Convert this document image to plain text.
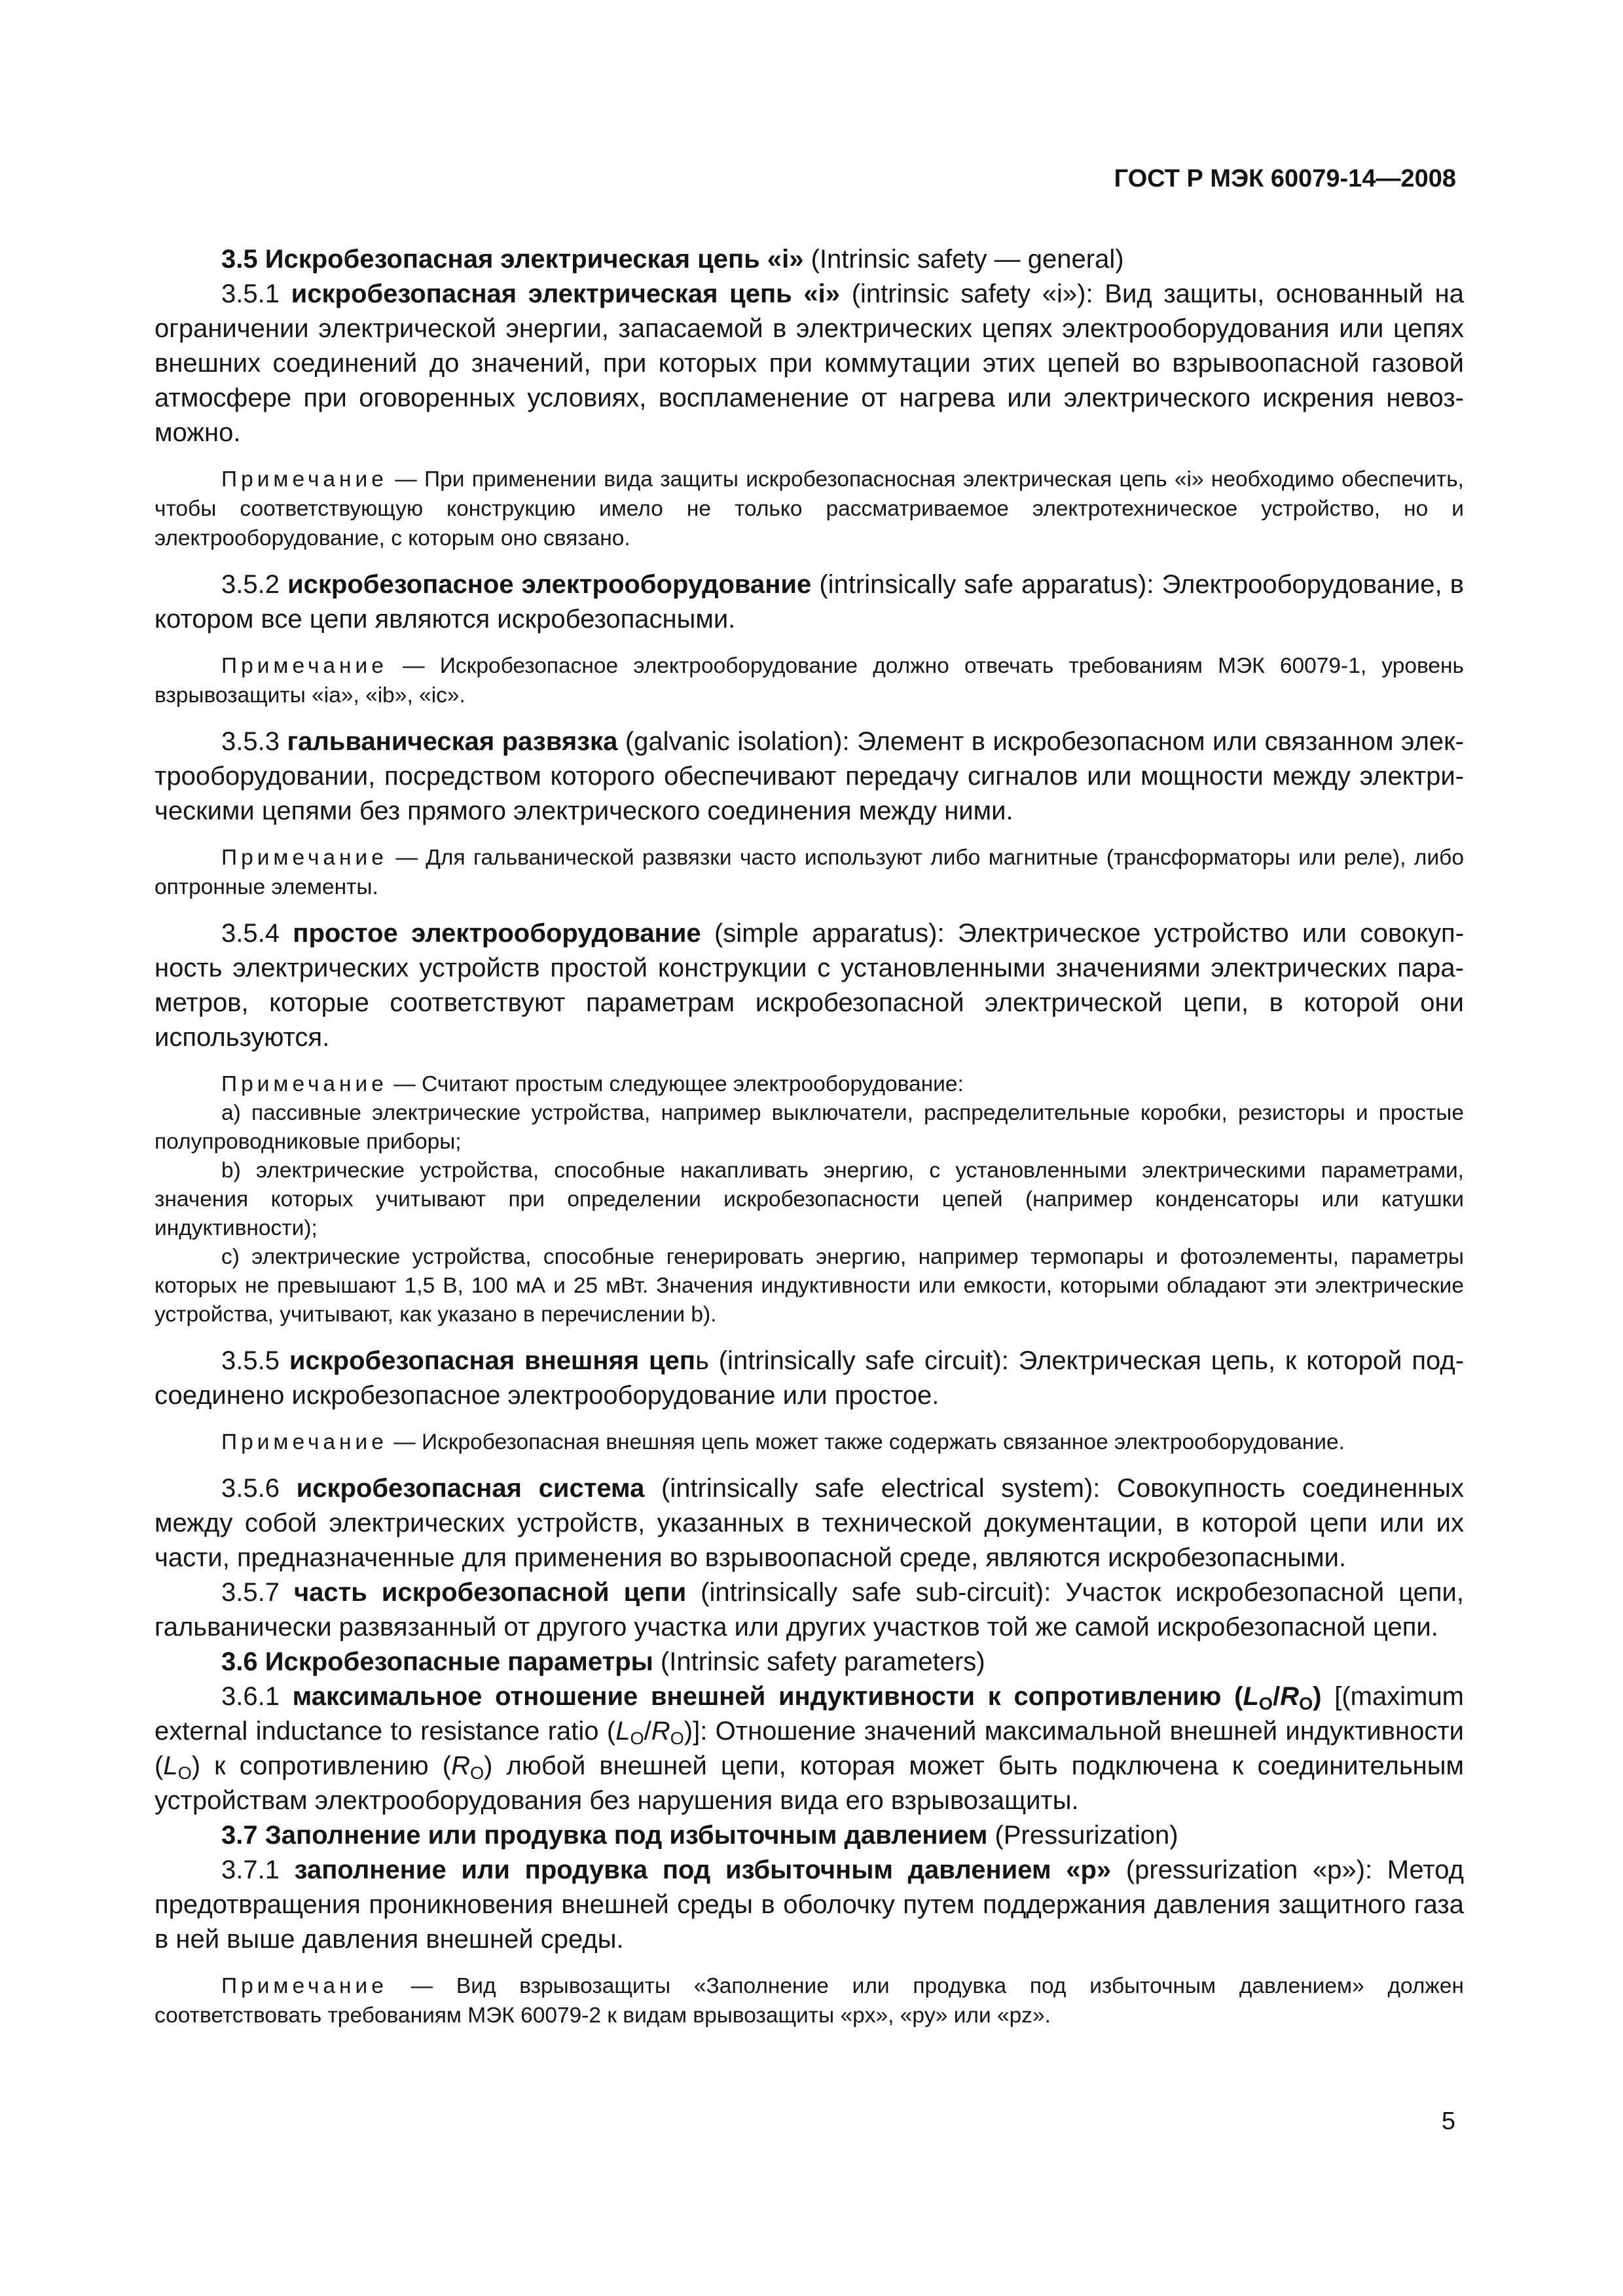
ГОСТ Р МЭК 60079-14—2008

3.5 Искробезопасная электрическая цепь «i» (Intrinsic safety — general)

3.5.1 искробезопасная электрическая цепь «i» (intrinsic safety «i»): Вид защиты, основанный на ограничении электрической энергии, запасаемой в электрических цепях электрооборудования или цепях внешних соединений до значений, при которых при коммутации этих цепей во взрывоопасной газовой атмосфере при оговоренных условиях, воспламенение от нагрева или электрического искрения невозможно.

Примечание — При применении вида защиты искробезопасносная электрическая цепь «i» необходимо обеспечить, чтобы соответствующую конструкцию имело не только рассматриваемое электротехническое устройство, но и электрооборудование, с которым оно связано.

3.5.2 искробезопасное электрооборудование (intrinsically safe apparatus): Электрооборудование, в котором все цепи являются искробезопасными.

Примечание — Искробезопасное электрооборудование должно отвечать требованиям МЭК 60079-1, уровень взрывозащиты «ia», «ib», «ic».

3.5.3 гальваническая развязка (galvanic isolation): Элемент в искробезопасном или связанном электрооборудовании, посредством которого обеспечивают передачу сигналов или мощности между электрическими цепями без прямого электрического соединения между ними.

Примечание — Для гальванической развязки часто используют либо магнитные (трансформаторы или реле), либо оптронные элементы.

3.5.4 простое электрооборудование (simple apparatus): Электрическое устройство или совокупность электрических устройств простой конструкции с установленными значениями электрических параметров, которые соответствуют параметрам искробезопасной электрической цепи, в которой они используются.

Примечание — Считают простым следующее электрооборудование:

a) пассивные электрические устройства, например выключатели, распределительные коробки, резисторы и простые полупроводниковые приборы;

b) электрические устройства, способные накапливать энергию, с установленными электрическими параметрами, значения которых учитывают при определении искробезопасности цепей (например конденсаторы или катушки индуктивности);

c) электрические устройства, способные генерировать энергию, например термопары и фотоэлементы, параметры которых не превышают 1,5 В, 100 мА и 25 мВт. Значения индуктивности или емкости, которыми обладают эти электрические устройства, учитывают, как указано в перечислении b).

3.5.5 искробезопасная внешняя цепь (intrinsically safe circuit): Электрическая цепь, к которой подсоединено искробезопасное электрооборудование или простое.

Примечание — Искробезопасная внешняя цепь может также содержать связанное электрооборудование.

3.5.6 искробезопасная система (intrinsically safe electrical system): Совокупность соединенных между собой электрических устройств, указанных в технической документации, в которой цепи или их части, предназначенные для применения во взрывоопасной среде, являются искробезопасными.

3.5.7 часть искробезопасной цепи (intrinsically safe sub-circuit): Участок искробезопасной цепи, гальванически развязанный от другого участка или других участков той же самой искробезопасной цепи.

3.6 Искробезопасные параметры (Intrinsic safety parameters)

3.6.1 максимальное отношение внешней индуктивности к сопротивлению $(L_O/R_O)$ [(maximum external inductance to resistance ratio $(L_O/R_O)$]: Отношение значений максимальной внешней индуктивности $(L_O)$ к сопротивлению $(R_O)$ любой внешней цепи, которая может быть подключена к соединительным устройствам электрооборудования без нарушения вида его взрывозащиты.

3.7 Заполнение или продувка под избыточным давлением (Pressurization)

3.7.1 заполнение или продувка под избыточным давлением «р» (pressurization «р»): Метод предотвращения проникновения внешней среды в оболочку путем поддержания давления защитного газа в ней выше давления внешней среды.

Примечание — Вид взрывозащиты «Заполнение или продувка под избыточным давлением» должен соответствовать требованиям МЭК 60079-2 к видам врывозащиты «px», «py» или «pz».

5
